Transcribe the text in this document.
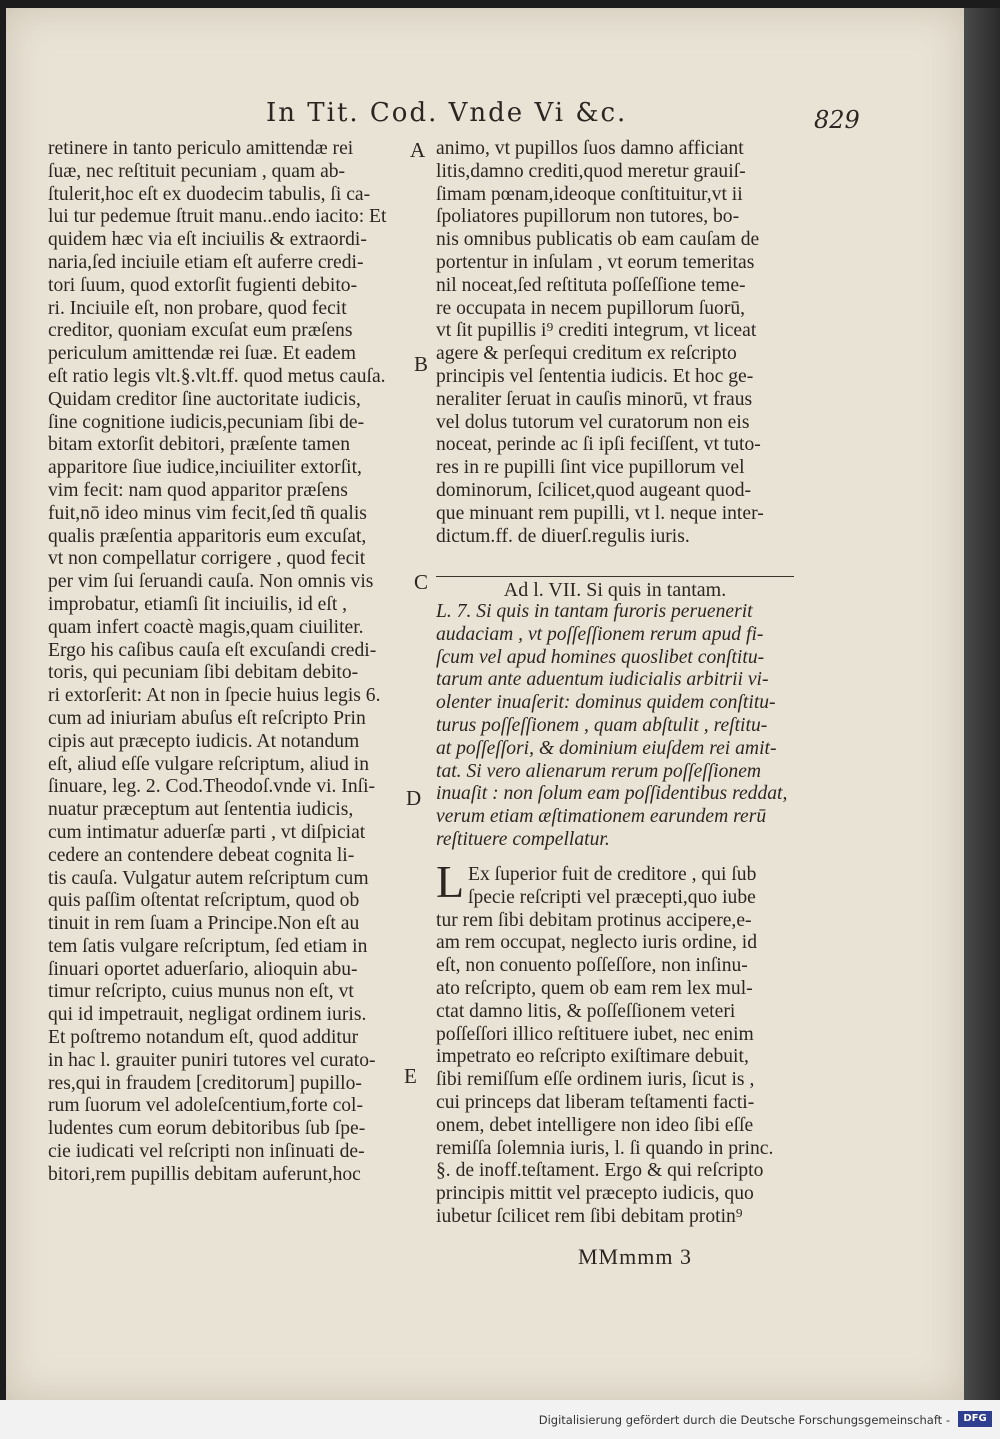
In Tit. Cod. Vnde Vi &c.	829

retinere in tanto periculo amittendæ rei

ſuæ, nec reſtituit pecuniam , quam ab-

ſtulerit,hoc eſt ex duodecim tabulis, ſi ca-

lui tur pedemue ſtruit manu..endo iacito: Et

quidem hæc via eſt inciuilis & extraordi-

naria,ſed inciuile etiam eſt auferre credi-

tori ſuum, quod extorſit fugienti debito-

ri. Inciuile eſt, non probare, quod fecit

creditor, quoniam excuſat eum præſens

periculum amittendæ rei ſuæ. Et eadem

eſt ratio legis vlt.§.vlt.ff. quod metus cauſa.

Quidam creditor ſine auctoritate iudicis,

ſine cognitione iudicis,pecuniam ſibi de-

bitam extorſit debitori, præſente tamen

apparitore ſiue iudice,inciuiliter extorſit,

vim fecit: nam quod apparitor præſens

fuit,nō ideo minus vim fecit,ſed tñ qualis

qualis præſentia apparitoris eum excuſat,

vt non compellatur corrigere , quod fecit

per vim ſui ſeruandi cauſa. Non omnis vis

improbatur, etiamſi ſit inciuilis, id eſt ,

quam infert coactè magis,quam ciuiliter.

Ergo his caſibus cauſa eſt excuſandi credi-

toris, qui pecuniam ſibi debitam debito-

ri extorſerit: At non in ſpecie huius legis 6.

cum ad iniuriam abuſus eſt reſcripto Prin

cipis aut præcepto iudicis. At notandum

eſt, aliud eſſe vulgare reſcriptum, aliud in

ſinuare, leg. 2. Cod.Theodoſ.vnde vi. Inſi-

nuatur præceptum aut ſententia iudicis,

cum intimatur aduerſæ parti , vt diſpiciat

cedere an contendere debeat cognita li-

tis cauſa. Vulgatur autem reſcriptum cum

quis paſſim oſtentat reſcriptum, quod ob

tinuit in rem ſuam a Principe.Non eſt au

tem ſatis vulgare reſcriptum, ſed etiam in

ſinuari oportet aduerſario, alioquin abu-

timur reſcripto, cuius munus non eſt, vt

qui id impetrauit, negligat ordinem iuris.

Et poſtremo notandum eſt, quod additur

in hac l. grauiter puniri tutores vel curato-

res,qui in fraudem [creditorum] pupillo-

rum ſuorum vel adoleſcentium,forte col-

ludentes cum eorum debitoribus ſub ſpe-

cie iudicati vel reſcripti non inſinuati de-

bitori,rem pupillis debitam auferunt,hoc

animo, vt pupillos ſuos damno afficiant

litis,damno crediti,quod meretur grauiſ-

ſimam pœnam,ideoque conſtituitur,vt ii

ſpoliatores pupillorum non tutores, bo-

nis omnibus publicatis ob eam cauſam de

portentur in inſulam , vt eorum temeritas

nil noceat,ſed reſtituta poſſeſſione teme-

re occupata in necem pupillorum ſuorū,

vt ſit pupillis i⁹ crediti integrum, vt liceat

agere & perſequi creditum ex reſcripto

principis vel ſententia iudicis. Et hoc ge-

neraliter ſeruat in cauſis minorū, vt fraus

vel dolus tutorum vel curatorum non eis

noceat, perinde ac ſi ipſi feciſſent, vt tuto-

res in re pupilli ſint vice pupillorum vel

dominorum, ſcilicet,quod augeant quod-

que minuant rem pupilli, vt l. neque inter-

dictum.ff. de diuerſ.regulis iuris.

Ad l. VII. Si quis in tantam.

L. 7. Si quis in tantam furoris peruenerit

audaciam , vt poſſeſſionem rerum apud fi-

ſcum vel apud homines quoslibet conſtitu-

tarum ante aduentum iudicialis arbitrii vi-

olenter inuaſerit: dominus quidem conſtitu-

turus poſſeſſionem , quam abſtulit , reſtitu-

at poſſeſſori, & dominium eiuſdem rei amit-

tat. Si vero alienarum rerum poſſeſſionem

inuaſit : non ſolum eam poſſidentibus reddat,

verum etiam æſtimationem earundem rerū

reſtituere compellatur.

L Ex ſuperior fuit de creditore , qui ſub

ſpecie reſcripti vel præcepti,quo iube

tur rem ſibi debitam protinus accipere,e-

am rem occupat, neglecto iuris ordine, id

eſt, non conuento poſſeſſore, non inſinu-

ato reſcripto, quem ob eam rem lex mul-

ctat damno litis, & poſſeſſionem veteri

poſſeſſori illico reſtituere iubet, nec enim

impetrato eo reſcripto exiſtimare debuit,

ſibi remiſſum eſſe ordinem iuris, ſicut is ,

cui princeps dat liberam teſtamenti facti-

onem, debet intelligere non ideo ſibi eſſe

remiſſa ſolemnia iuris, l. ſi quando in princ.

§. de inoff.teſtament. Ergo & qui reſcripto

principis mittit vel præcepto iudicis, quo

iubetur ſcilicet rem ſibi debitam protin⁹

A
B
C
D
E
MMmmm 3
Digitalisierung gefördert durch die Deutsche Forschungsgemeinschaft -	DFG
